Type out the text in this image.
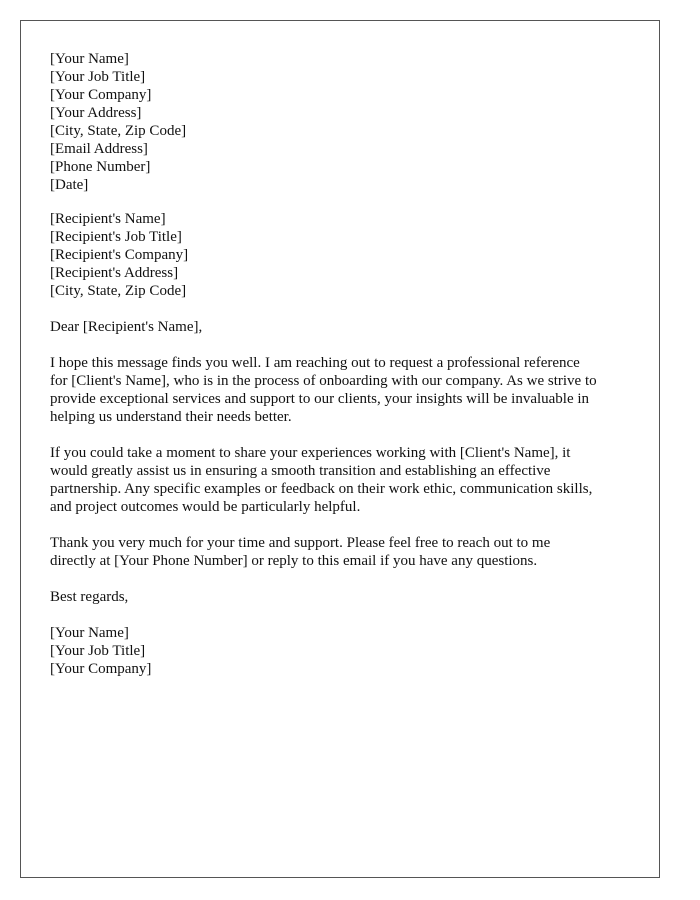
[Your Name]
[Your Job Title]
[Your Company]
[Your Address]
[City, State, Zip Code]
[Email Address]
[Phone Number]
[Date]
[Recipient's Name]
[Recipient's Job Title]
[Recipient's Company]
[Recipient's Address]
[City, State, Zip Code]
Dear [Recipient's Name],
I hope this message finds you well. I am reaching out to request a professional reference
for [Client's Name], who is in the process of onboarding with our company. As we strive to
provide exceptional services and support to our clients, your insights will be invaluable in
helping us understand their needs better.
If you could take a moment to share your experiences working with [Client's Name], it
would greatly assist us in ensuring a smooth transition and establishing an effective
partnership. Any specific examples or feedback on their work ethic, communication skills,
and project outcomes would be particularly helpful.
Thank you very much for your time and support. Please feel free to reach out to me
directly at [Your Phone Number] or reply to this email if you have any questions.
Best regards,
[Your Name]
[Your Job Title]
[Your Company]
